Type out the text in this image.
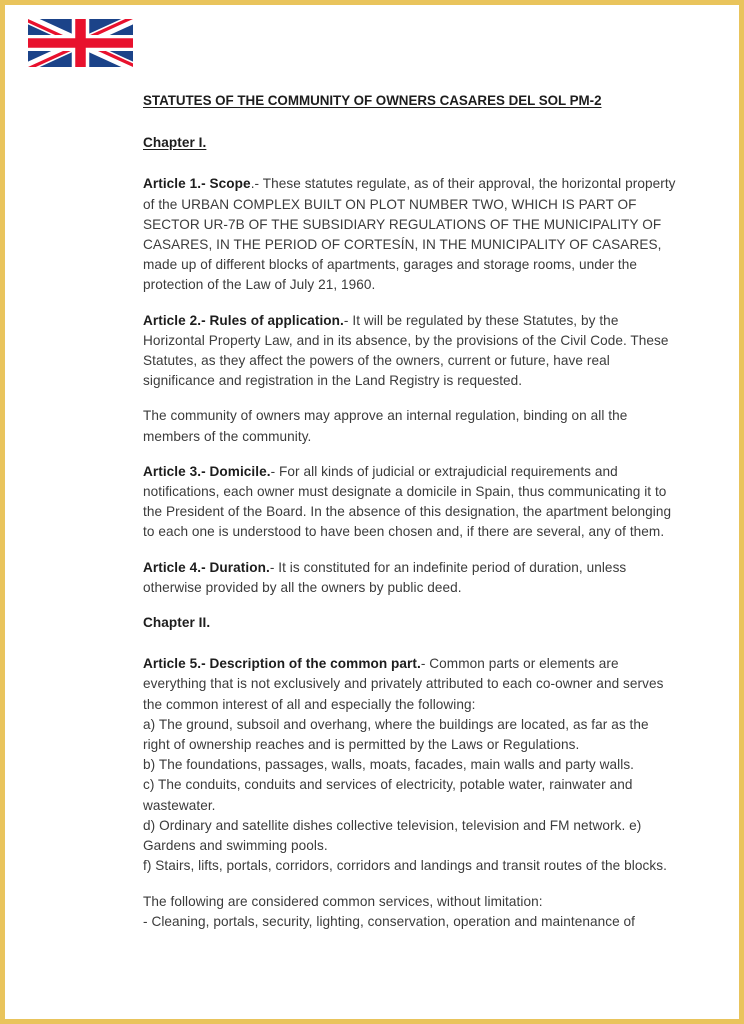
STATUTES OF THE COMMUNITY OF OWNERS CASARES DEL SOL PM-2

Chapter I.

Article 1.- Scope.- These statutes regulate, as of their approval, the horizontal property of the URBAN COMPLEX BUILT ON PLOT NUMBER TWO, WHICH IS PART OF SECTOR UR-7B OF THE SUBSIDIARY REGULATIONS OF THE MUNICIPALITY OF CASARES, IN THE PERIOD OF CORTESÍN, IN THE MUNICIPALITY OF CASARES, made up of different blocks of apartments, garages and storage rooms, under the protection of the Law of July 21, 1960.

Article 2.- Rules of application.- It will be regulated by these Statutes, by the Horizontal Property Law, and in its absence, by the provisions of the Civil Code. These Statutes, as they affect the powers of the owners, current or future, have real significance and registration in the Land Registry is requested.

The community of owners may approve an internal regulation, binding on all the members of the community.

Article 3.- Domicile.- For all kinds of judicial or extrajudicial requirements and notifications, each owner must designate a domicile in Spain, thus communicating it to the President of the Board. In the absence of this designation, the apartment belonging to each one is understood to have been chosen and, if there are several, any of them.

Article 4.- Duration.- It is constituted for an indefinite period of duration, unless otherwise provided by all the owners by public deed.

Chapter II.

Article 5.- Description of the common part.- Common parts or elements are everything that is not exclusively and privately attributed to each co-owner and serves the common interest of all and especially the following:

a) The ground, subsoil and overhang, where the buildings are located, as far as the right of ownership reaches and is permitted by the Laws or Regulations.

b) The foundations, passages, walls, moats, facades, main walls and party walls.

c) The conduits, conduits and services of electricity, potable water, rainwater and wastewater.

d) Ordinary and satellite dishes collective television, television and FM network. e) Gardens and swimming pools.

f) Stairs, lifts, portals, corridors, corridors and landings and transit routes of the blocks.

The following are considered common services, without limitation:

- Cleaning, portals, security, lighting, conservation, operation and maintenance of
